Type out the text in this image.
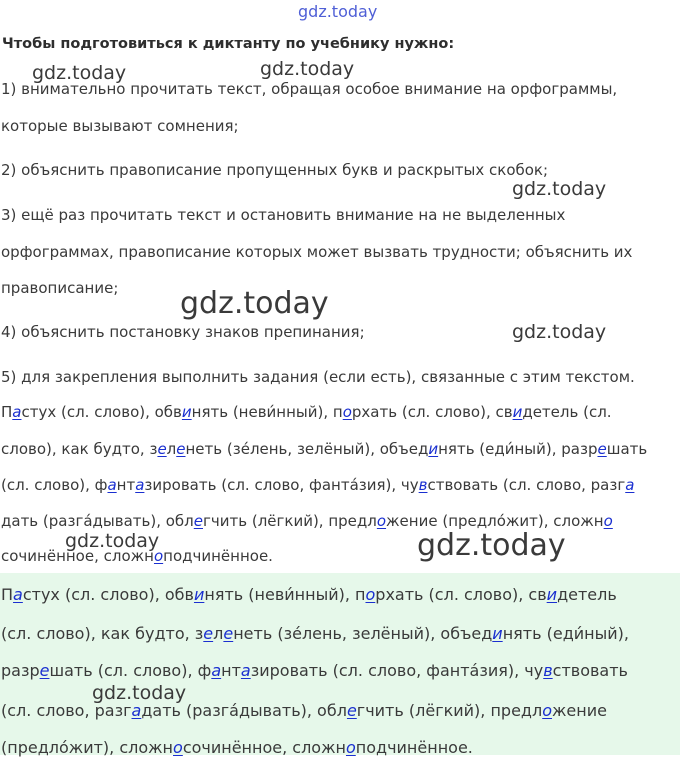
gdz.today
gdz.today	gdz.today
gdz.today
gdz.today
gdz.today
Чтобы подготовиться к диктанту по учебнику нужно:
1) внимательно прочитать текст, обращая особое внимание на орфограммы,
которые вызывают сомнения;
2) объяснить правописание пропущенных букв и раскрытых скобок;
3) ещё раз прочитать текст и остановить внимание на не выделенных
орфограммах, правописание которых может вызвать трудности; объяснить их
правописание;
4) объяснить постановку знаков препинания;
5) для закрепления выполнить задания (если есть), связанные с этим текстом.
Пастух (сл. слово), обвинять (неви́нный), порхать (сл. слово), свидетель (сл.
слово), как будто, зеленеть (зе́лень, зелёный), объединять (еди́ный), разрешать
(сл. слово), фантазировать (сл. слово, фантáзия), чувствовать (сл. слово, разга
дать (разга́дывать), облегчить (лёгкий), предложение (предло́жит), сложно
сочинённое, сложноподчинённое.
gdz.today	gdz.today
Пастух (сл. слово), обвинять (неви́нный), порхать (сл. слово), свидетель
(сл. слово), как будто, зеленеть (зе́лень, зелёный), объединять (еди́ный),
разрешать (сл. слово), фантазировать (сл. слово, фантáзия), чувствовать
(сл. слово, разгадать (разга́дывать), облегчить (лёгкий), предложение
(предло́жит), сложносочинённое, сложноподчинённое.
gdz.today
